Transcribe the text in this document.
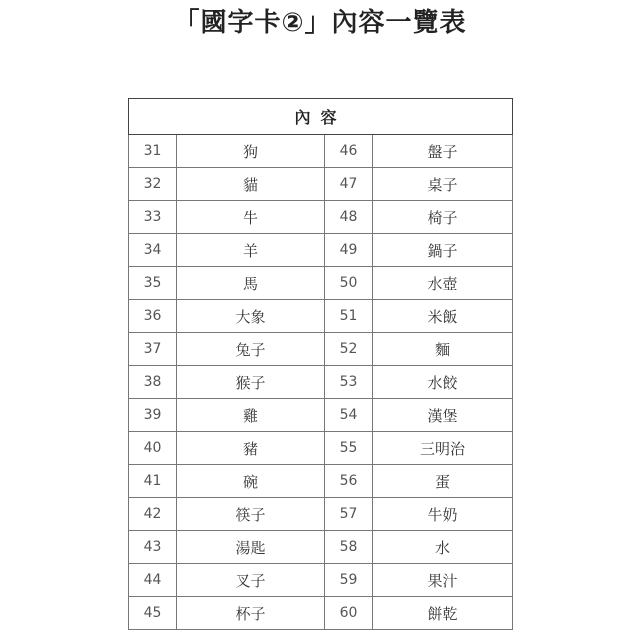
「國字卡②」內容一覽表
內容			
31	狗	46	盤子
32	貓	47	桌子
33	牛	48	椅子
34	羊	49	鍋子
35	馬	50	水壺
36	大象	51	米飯
37	兔子	52	麵
38	猴子	53	水餃
39	雞	54	漢堡
40	豬	55	三明治
41	碗	56	蛋
42	筷子	57	牛奶
43	湯匙	58	水
44	叉子	59	果汁
45	杯子	60	餅乾
